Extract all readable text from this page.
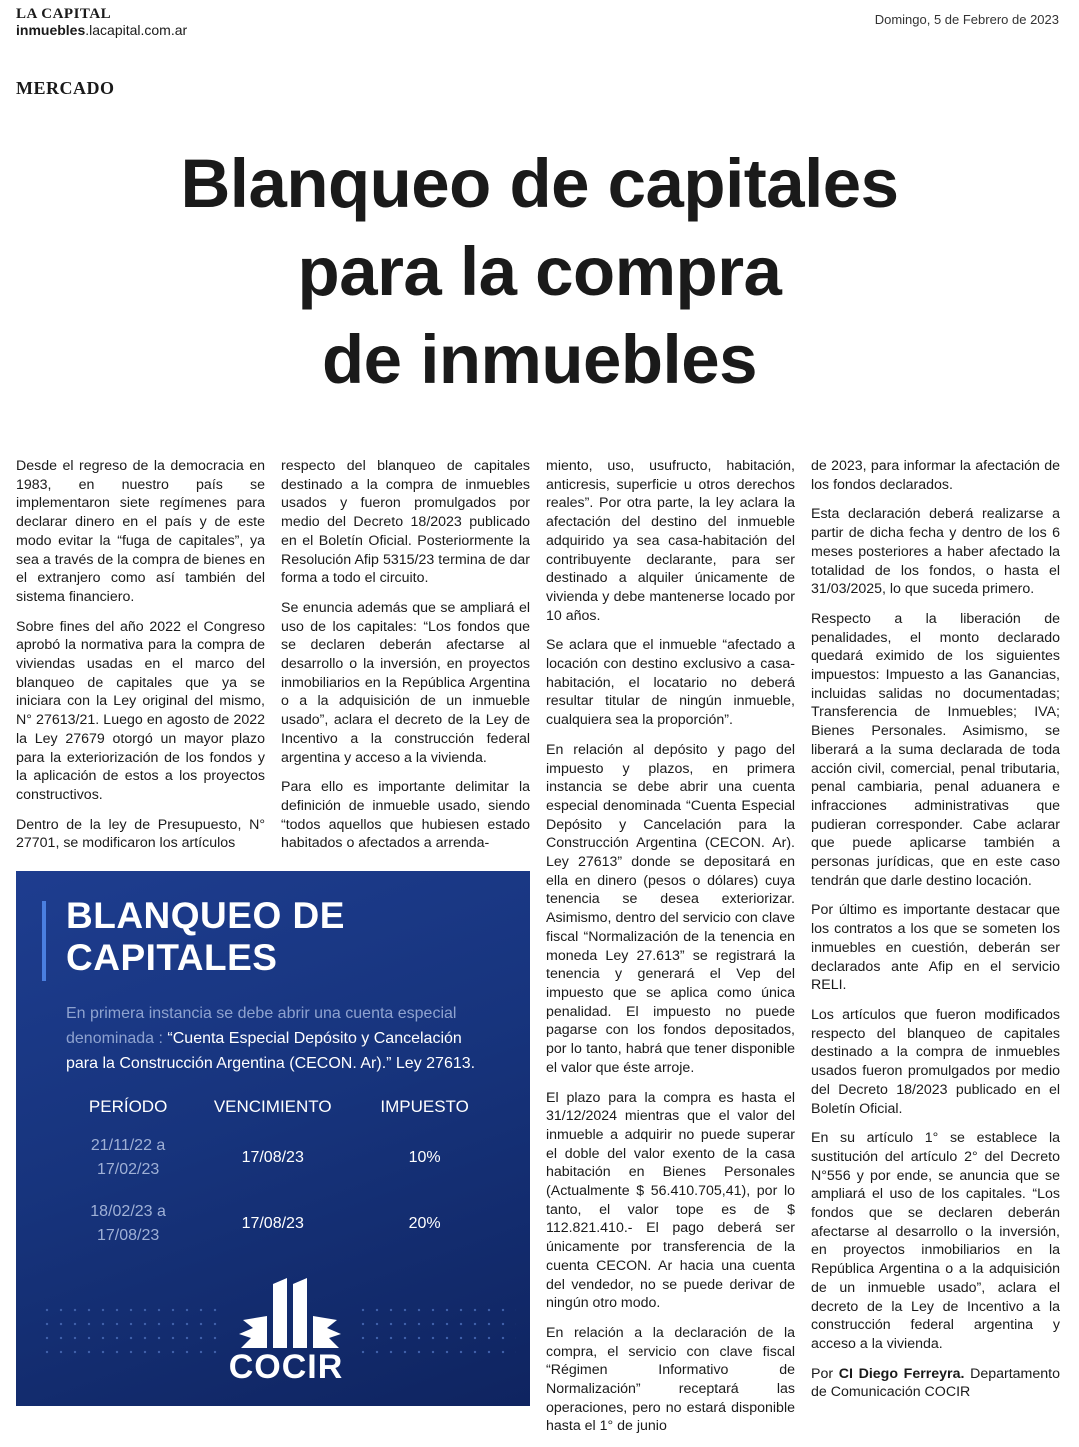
LA CAPITAL
inmuebles.lacapital.com.ar
Domingo, 5 de Febrero de 2023
MERCADO
Blanqueo de capitales
para la compra
de inmuebles

Desde el regreso de la democracia en 1983, en nuestro país se implementaron siete regímenes para declarar dinero en el país y de este modo evitar la “fuga de capitales”, ya sea a través de la compra de bienes en el extranjero como así también del sistema financiero.

Sobre fines del año 2022 el Congreso aprobó la normativa para la compra de viviendas usadas en el marco del blanqueo de capitales que ya se iniciara con la Ley original del mismo, N° 27613/21. Luego en agosto de 2022 la Ley 27679 otorgó un mayor plazo para la exteriorización de los fondos y la aplicación de estos a los proyectos constructivos.

Dentro de la ley de Presupuesto, N° 27701, se modificaron los artículos

respecto del blanqueo de capitales destinado a la compra de inmuebles usados y fueron promulgados por medio del Decreto 18/2023 publicado en el Boletín Oficial. Posteriormente la Resolución Afip 5315/23 termina de dar forma a todo el circuito.

Se enuncia además que se ampliará el uso de los capitales: “Los fondos que se declaren deberán afectarse al desarrollo o la inversión, en proyectos inmobiliarios en la República Argentina o a la adquisición de un inmueble usado”, aclara el decreto de la Ley de Incentivo a la construcción federal argentina y acceso a la vivienda.

Para ello es importante delimitar la definición de inmueble usado, siendo “todos aquellos que hubiesen estado habitados o afectados a arrenda-

miento, uso, usufructo, habitación, anticresis, superficie u otros derechos reales”. Por otra parte, la ley aclara la afectación del destino del inmueble adquirido ya sea casa-habitación del contribuyente declarante, para ser destinado a alquiler únicamente de vivienda y debe mantenerse locado por 10 años.

Se aclara que el inmueble “afectado a locación con destino exclusivo a casa-habitación, el locatario no deberá resultar titular de ningún inmueble, cualquiera sea la proporción”.

En relación al depósito y pago del impuesto y plazos, en primera instancia se debe abrir una cuenta especial denominada “Cuenta Especial Depósito y Cancelación para la Construcción Argentina (CECON. Ar). Ley 27613” donde se depositará en ella en dinero (pesos o dólares) cuya tenencia se desea exteriorizar. Asimismo, dentro del servicio con clave fiscal “Normalización de la tenencia en moneda Ley 27.613” se registrará la tenencia y generará el Vep del impuesto que se aplica como única penalidad. El impuesto no puede pagarse con los fondos depositados, por lo tanto, habrá que tener disponible el valor que éste arroje.

El plazo para la compra es hasta el 31/12/2024 mientras que el valor del inmueble a adquirir no puede superar el doble del valor exento de la casa habitación en Bienes Personales (Actualmente $ 56.410.705,41), por lo tanto, el valor tope es de $ 112.821.410.- El pago deberá ser únicamente por transferencia de la cuenta CECON. Ar hacia una cuenta del vendedor, no se puede derivar de ningún otro modo.

En relación a la declaración de la compra, el servicio con clave fiscal “Régimen Informativo de Normalización” receptará las operaciones, pero no estará disponible hasta el 1° de junio

de 2023, para informar la afectación de los fondos declarados.

Esta declaración deberá realizarse a partir de dicha fecha y dentro de los 6 meses posteriores a haber afectado la totalidad de los fondos, o hasta el 31/03/2025, lo que suceda primero.

Respecto a la liberación de penalidades, el monto declarado quedará eximido de los siguientes impuestos: Impuesto a las Ganancias, incluidas salidas no documentadas; Transferencia de Inmuebles; IVA; Bienes Personales. Asimismo, se liberará a la suma declarada de toda acción civil, comercial, penal tributaria, penal cambiaria, penal aduanera e infracciones administrativas que pudieran corresponder. Cabe aclarar que puede aplicarse también a personas jurídicas, que en este caso tendrán que darle destino locación.

Por último es importante destacar que los contratos a los que se someten los inmuebles en cuestión, deberán ser declarados ante Afip en el servicio RELI.

Los artículos que fueron modificados respecto del blanqueo de capitales destinado a la compra de inmuebles usados fueron promulgados por medio del Decreto 18/2023 publicado en el Boletín Oficial.

En su artículo 1° se establece la sustitución del artículo 2° del Decreto N°556 y por ende, se anuncia que se ampliará el uso de los capitales. “Los fondos que se declaren deberán afectarse al desarrollo o la inversión, en proyectos inmobiliarios en la República Argentina o a la adquisición de un inmueble usado”, aclara el decreto de la Ley de Incentivo a la construcción federal argentina y acceso a la vivienda.

Por CI Diego Ferreyra. Departamento de Comunicación COCIR

BLANQUEO DE
CAPITALES
En primera instancia se debe abrir una cuenta especial
denominada : “Cuenta Especial Depósito y Cancelación
para la Construcción Argentina (CECON. Ar).” Ley 27613.
PERÍODO	VENCIMIENTO	IMPUESTO

21/11/22 a
17/02/23	17/08/23	10%

18/02/23 a
17/08/23	17/08/23	20%
COCIR
